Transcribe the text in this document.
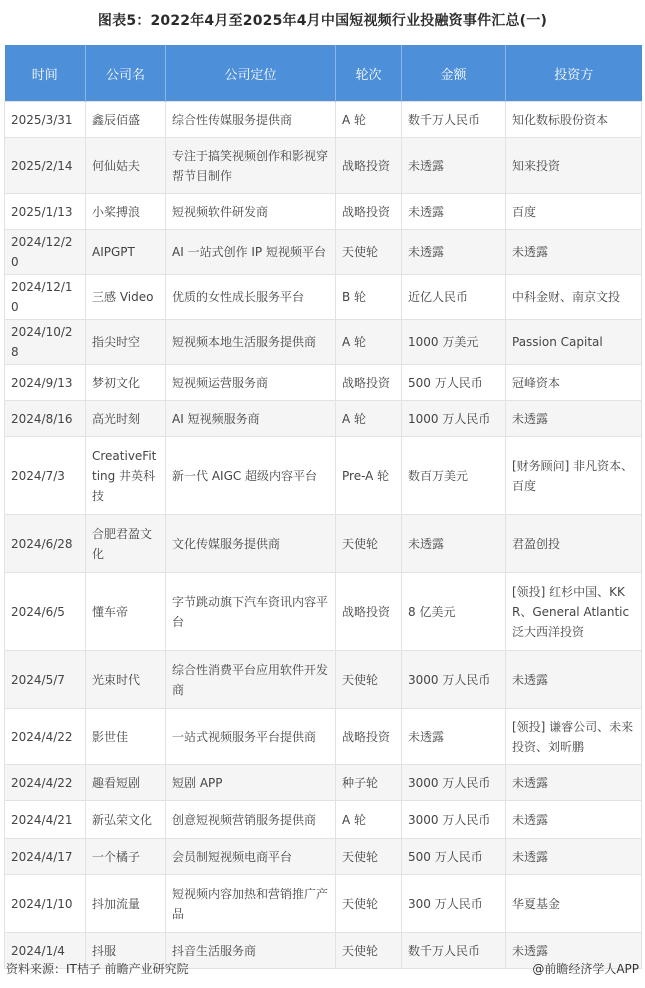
图表5：2022年4月至2025年4月中国短视频行业投融资事件汇总(一)
时间	公司名	公司定位	轮次	金额	投资方
2025/3/31	鑫辰佰盛	综合性传媒服务提供商	A 轮	数千万人民币	知化数标股份资本
2025/2/14	何仙姑夫	专注于搞笑视频创作和影视穿帮节目制作	战略投资	未透露	知来投资
2025/1/13	小桨搏浪	短视频软件研发商	战略投资	未透露	百度
2024/12/20	AIPGPT	AI 一站式创作 IP 短视频平台	天使轮	未透露	未透露
2024/12/10	三感 Video	优质的女性成长服务平台	B 轮	近亿人民币	中科金财、南京文投
2024/10/28	指尖时空	短视频本地生活服务提供商	A 轮	1000 万美元	Passion Capital
2024/9/13	梦初文化	短视频运营服务商	战略投资	500 万人民币	冠峰资本
2024/8/16	高光时刻	AI 短视频服务商	A 轮	1000 万人民币	未透露
2024/7/3	CreativeFitting 井英科技	新一代 AIGC 超级内容平台	Pre-A 轮	数百万美元	[财务顾问] 非凡资本、百度
2024/6/28	合肥君盈文化	文化传媒服务提供商	天使轮	未透露	君盈创投
2024/6/5	懂车帝	字节跳动旗下汽车资讯内容平台	战略投资	8 亿美元	[领投] 红杉中国、KKR、General Atlantic 泛大西洋投资
2024/5/7	光束时代	综合性消费平台应用软件开发商	天使轮	3000 万人民币	未透露
2024/4/22	影世佳	一站式视频服务平台提供商	战略投资	未透露	[领投] 谦睿公司、未来投资、刘昕鹏
2024/4/22	趣看短剧	短剧 APP	种子轮	3000 万人民币	未透露
2024/4/21	新弘荣文化	创意短视频营销服务提供商	A 轮	3000 万人民币	未透露
2024/4/17	一个橘子	会员制短视频电商平台	天使轮	500 万人民币	未透露
2024/1/10	抖加流量	短视频内容加热和营销推广产品	天使轮	300 万人民币	华夏基金
2024/1/4	抖服	抖音生活服务商	天使轮	数千万人民币	未透露
资料来源：IT桔子 前瞻产业研究院	@前瞻经济学人APP
